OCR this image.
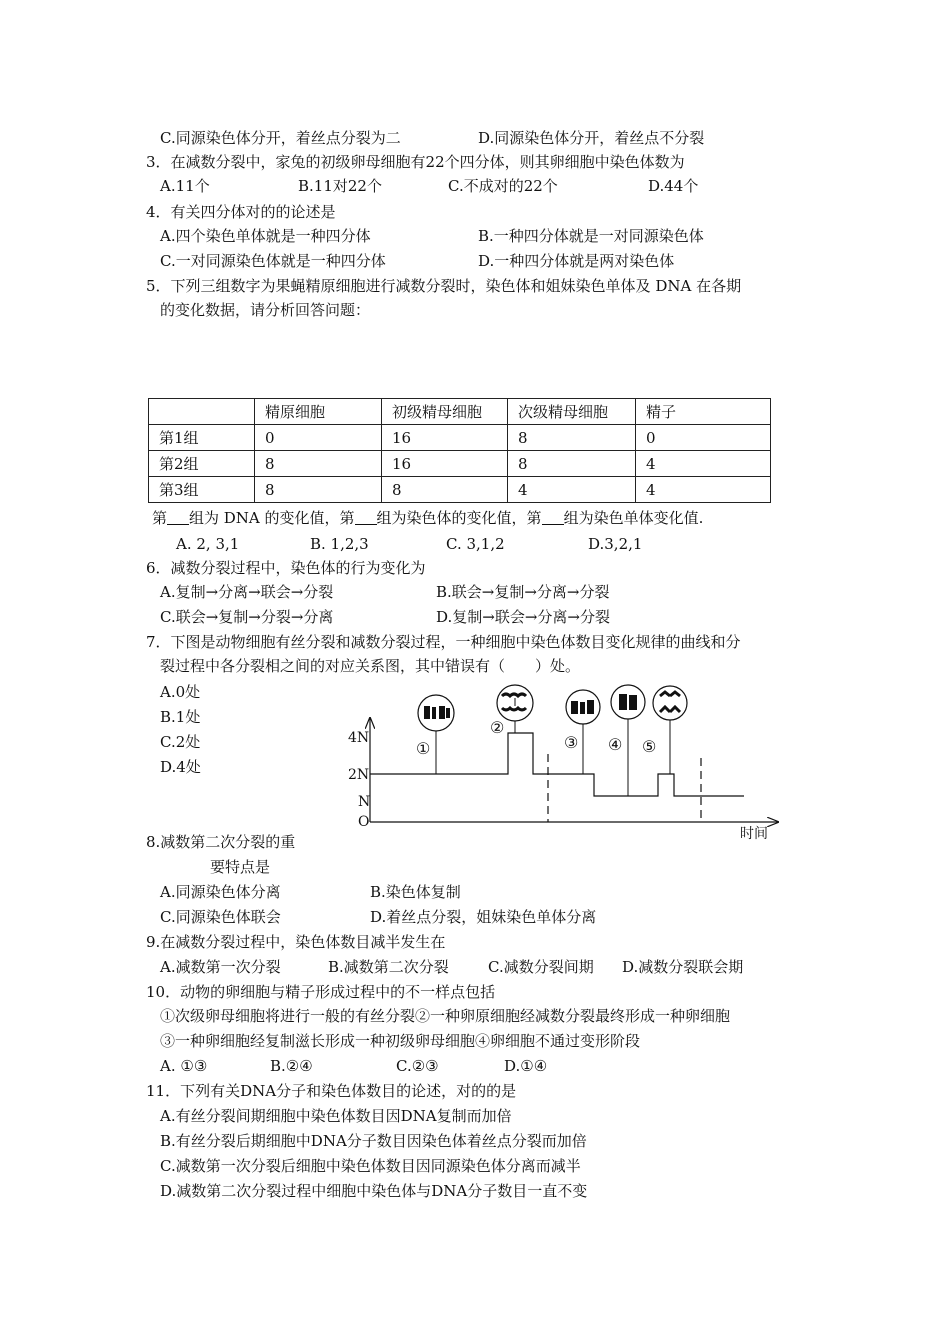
C.同源染色体分开，着丝点分裂为二	D.同源染色体分开，着丝点不分裂
3．在减数分裂中，家兔的初级卵母细胞有22个四分体，则其卵细胞中染色体数为
A.11个	B.11对22个	C.不成对的22个	D.44个
4．有关四分体对的的论述是
A.四个染色单体就是一种四分体	B.一种四分体就是一对同源染色体
C.一对同源染色体就是一种四分体	D.一种四分体就是两对染色体
5．下列三组数字为果蝇精原细胞进行减数分裂时，染色体和姐妹染色单体及 DNA 在各期
的变化数据，请分析回答问题：
	精原细胞	初级精母细胞	次级精母细胞	精子
第1组	0	16	8	0
第2组	8	16	8	4
第3组	8	8	4	4
第 组为 DNA 的变化值，第 组为染色体的变化值，第 组为染色单体变化值.
A. 2, 3,1	B. 1,2,3	C. 3,1,2	D.3,2,1
6．减数分裂过程中，染色体的行为变化为
A.复制→分离→联会→分裂	B.联会→复制→分离→分裂
C.联会→复制→分裂→分离	D.复制→联会→分离→分裂
7．下图是动物细胞有丝分裂和减数分裂过程，一种细胞中染色体数目变化规律的曲线和分
裂过程中各分裂相之间的对应关系图，其中错误有（　　）处。
A.0处
B.1处
C.2处
D.4处
4N
2N
N
O
时间
①
②
③ ④ ⑤
8.减数第二次分裂的重
要特点是
A.同源染色体分离	B.染色体复制
C.同源染色体联会	D.着丝点分裂，姐妹染色单体分离
9.在减数分裂过程中，染色体数目减半发生在
A.减数第一次分裂	B.减数第二次分裂	C.减数分裂间期 D.减数分裂联会期
10．动物的卵细胞与精子形成过程中的不一样点包括
①次级卵母细胞将进行一般的有丝分裂②一种卵原细胞经减数分裂最终形成一种卵细胞
③一种卵细胞经复制滋长形成一种初级卵母细胞④卵细胞不通过变形阶段
A. ①③	B.②④	C.②③	D.①④
11．下列有关DNA分子和染色体数目的论述，对的的是
A.有丝分裂间期细胞中染色体数目因DNA复制而加倍
B.有丝分裂后期细胞中DNA分子数目因染色体着丝点分裂而加倍
C.减数第一次分裂后细胞中染色体数目因同源染色体分离而减半
D.减数第二次分裂过程中细胞中染色体与DNA分子数目一直不变
